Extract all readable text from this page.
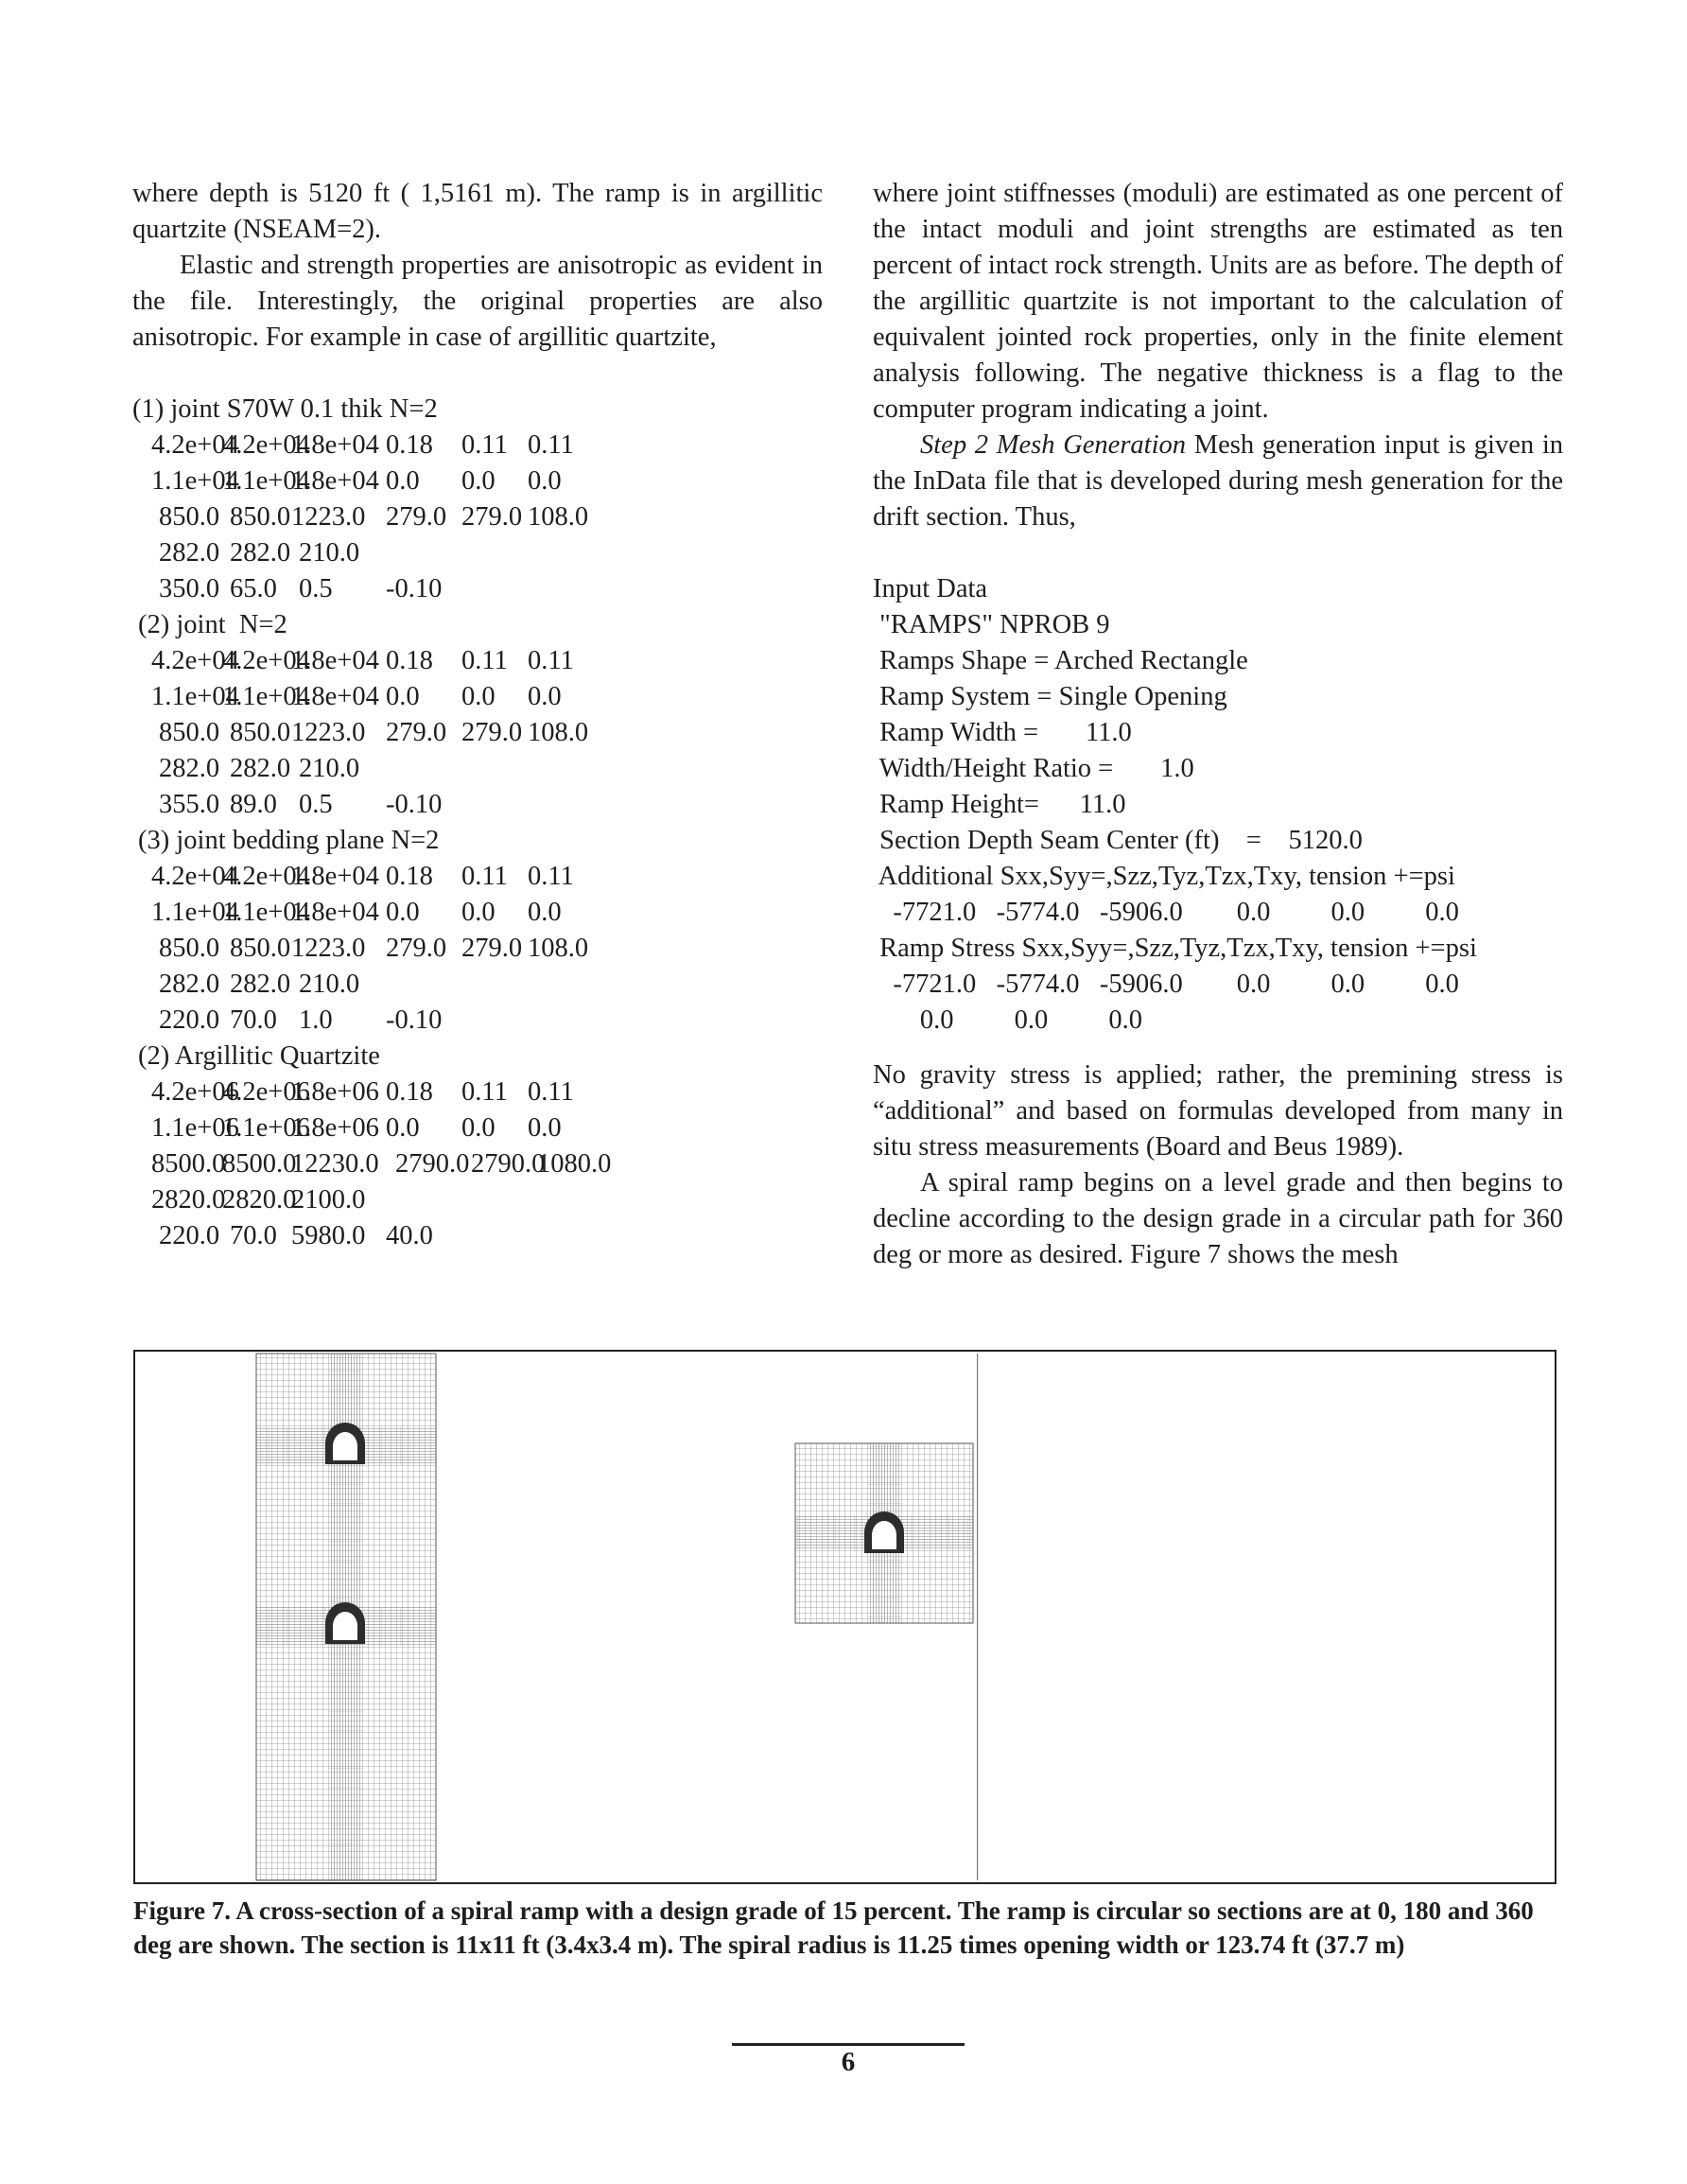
where depth is 5120 ft ( 1,5161 m). The ramp is in argillitic quartzite (NSEAM=2).

Elastic and strength properties are anisotropic as evident in the file. Interestingly, the original properties are also anisotropic. For example in case of argillitic quartzite,

(1) joint S70W 0.1 thik N=2
4.2e+04
4.2e+04
1.8e+04 0.18 0.11 0.11
1.1e+04
1.1e+04
1.8e+04 0.0 0.0 0.0
850.0 850.0 1223.0 279.0 279.0 108.0
282.0 282.0 210.0
350.0 65.0 0.5 -0.10
(2) joint  N=2
4.2e+04
4.2e+04
1.8e+04 0.18 0.11 0.11
1.1e+04
1.1e+04
1.8e+04 0.0 0.0 0.0
850.0 850.0 1223.0 279.0 279.0 108.0
282.0 282.0 210.0
355.0 89.0 0.5 -0.10
(3) joint bedding plane N=2
4.2e+04
4.2e+04
1.8e+04 0.18 0.11 0.11
1.1e+04
1.1e+04
1.8e+04 0.0 0.0 0.0
850.0 850.0 1223.0 279.0 279.0 108.0
282.0 282.0 210.0
220.0 70.0 1.0 -0.10
(2) Argillitic Quartzite
4.2e+06
4.2e+06
1.8e+06 0.18 0.11 0.11
1.1e+06
1.1e+06
1.8e+06 0.0 0.0 0.0
8500.0
8500.0
12230.0 2790.0 2790.0
1080.0
2820.0
2820.0
2100.0
220.0 70.0 5980.0 40.0

where joint stiffnesses (moduli) are estimated as one percent of the intact moduli and joint strengths are estimated as ten percent of intact rock strength. Units are as before. The depth of the argillitic quartzite is not important to the calculation of equivalent jointed rock properties, only in the finite element analysis following. The negative thickness is a flag to the computer program indicating a joint.

Step 2 Mesh Generation Mesh generation input is given in the InData file that is developed during mesh generation for the drift section. Thus,

Input Data
"RAMPS" NPROB 9
Ramps Shape = Arched Rectangle
Ramp System = Single Opening
Ramp Width =       11.0
Width/Height Ratio =       1.0
Ramp Height=      11.0
Section Depth Seam Center (ft)    =    5120.0
Additional Sxx,Syy=,Szz,Tyz,Tzx,Txy, tension +=psi
-7721.0   -5774.0   -5906.0        0.0         0.0         0.0
Ramp Stress Sxx,Syy=,Szz,Tyz,Tzx,Txy, tension +=psi
-7721.0   -5774.0   -5906.0        0.0         0.0         0.0
0.0         0.0         0.0

No gravity stress is applied; rather, the premining stress is “additional” and based on formulas developed from many in situ stress measurements (Board and Beus 1989).

A spiral ramp begins on a level grade and then begins to decline according to the design grade in a circular path for 360 deg or more as desired. Figure 7 shows the mesh

Figure 7. A cross-section of a spiral ramp with a design grade of 15 percent. The ramp is circular so sections are at 0, 180 and 360 deg are shown. The section is 11x11 ft (3.4x3.4 m). The spiral radius is 11.25 times opening width or 123.74 ft (37.7 m)
6
